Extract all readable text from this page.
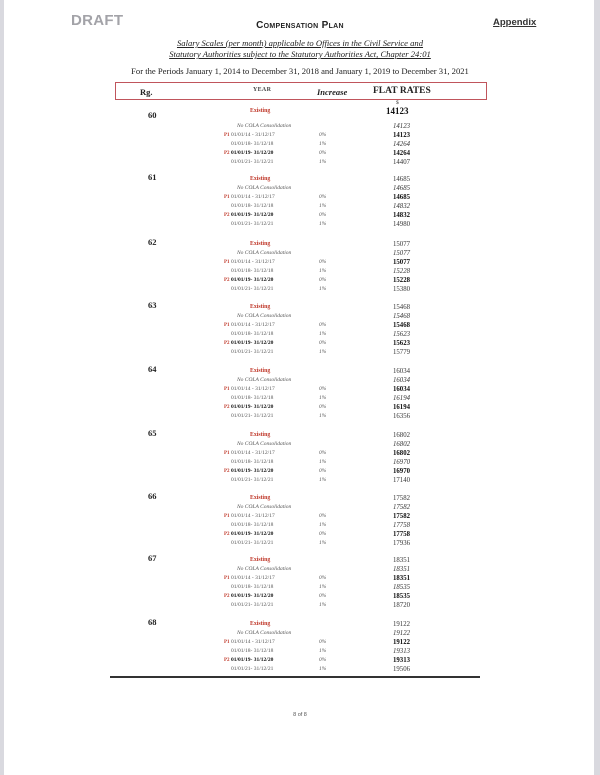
DRAFT	Compensation Plan	Appendix
Salary Scales (per month) applicable to Offices in the Civil Service and
Statutory Authorities subject to the Statutory Authorities Act, Chapter 24:01
For the Periods January 1, 2014 to December 31, 2018 and January 1, 2019 to December 31, 2021
Rg.	YEAR	Increase	FLAT RATES
60
$
Existing	14123
No COLA Consolidation	14123
P1 01/01/14 - 31/12/17	0%	14123
01/01/18- 31/12/18	1%	14264
P2 01/01/19- 31/12/20	0%	14264
01/01/21- 31/12/21	1%	14407
61	Existing	14685
No COLA Consolidation	14685
P1 01/01/14 - 31/12/17	0%	14685
01/01/18- 31/12/18	1%	14832
P2 01/01/19- 31/12/20	0%	14832
01/01/21- 31/12/21	1%	14980
62	Existing	15077
No COLA Consolidation	15077
P1 01/01/14 - 31/12/17	0%	15077
01/01/18- 31/12/18	1%	15228
P2 01/01/19- 31/12/20	0%	15228
01/01/21- 31/12/21	1%	15380
63	Existing	15468
No COLA Consolidation	15468
P1 01/01/14 - 31/12/17	0%	15468
01/01/18- 31/12/18	1%	15623
P2 01/01/19- 31/12/20	0%	15623
01/01/21- 31/12/21	1%	15779
64	Existing	16034
No COLA Consolidation	16034
P1 01/01/14 - 31/12/17	0%	16034
01/01/18- 31/12/18	1%	16194
P2 01/01/19- 31/12/20	0%	16194
01/01/21- 31/12/21	1%	16356
65	Existing	16802
No COLA Consolidation	16802
P1 01/01/14 - 31/12/17	0%	16802
01/01/18- 31/12/18	1%	16970
P2 01/01/19- 31/12/20	0%	16970
01/01/21- 31/12/21	1%	17140
66	Existing	17582
No COLA Consolidation	17582
P1 01/01/14 - 31/12/17	0%	17582
01/01/18- 31/12/18	1%	17758
P2 01/01/19- 31/12/20	0%	17758
01/01/21- 31/12/21	1%	17936
67	Existing	18351
No COLA Consolidation	18351
P1 01/01/14 - 31/12/17	0%	18351
01/01/18- 31/12/18	1%	18535
P2 01/01/19- 31/12/20	0%	18535
01/01/21- 31/12/21	1%	18720
68	Existing	19122
No COLA Consolidation	19122
P1 01/01/14 - 31/12/17	0%	19122
01/01/18- 31/12/18	1%	19313
P2 01/01/19- 31/12/20	0%	19313
01/01/21- 31/12/21	1%	19506
8 of 8
